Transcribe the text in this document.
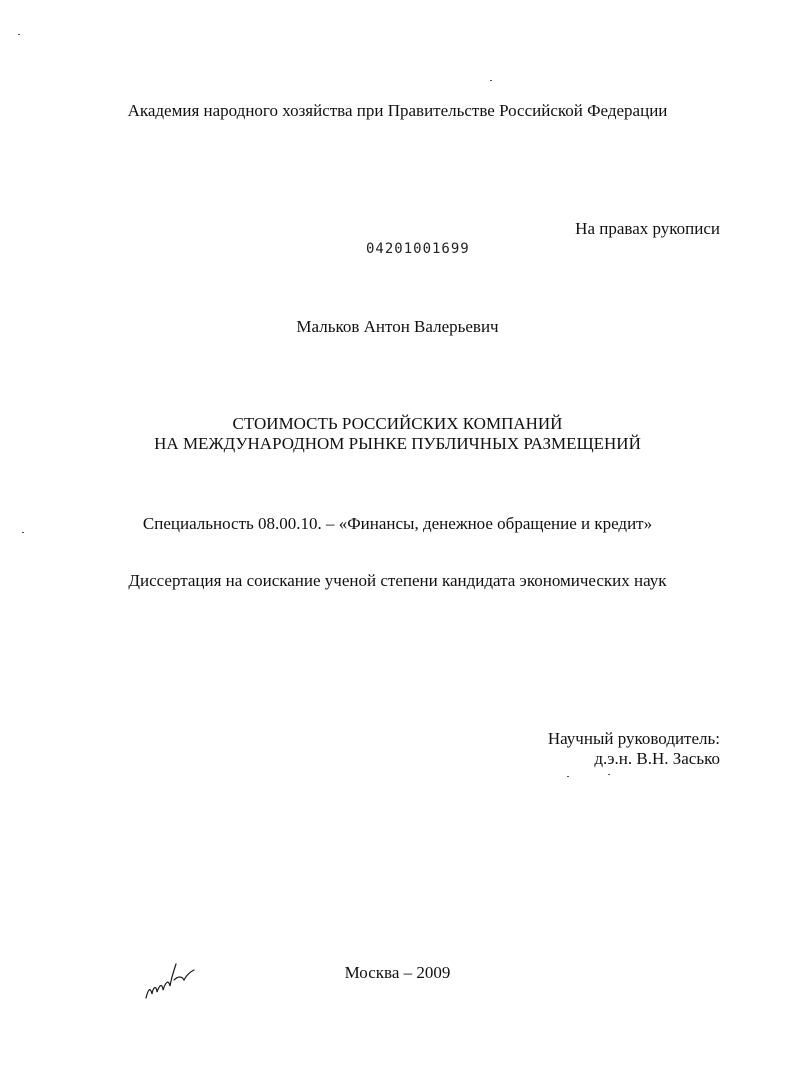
Академия народного хозяйства при Правительстве Российской Федерации
На правах рукописи
04201001699
Мальков Антон Валерьевич
СТОИМОСТЬ РОССИЙСКИХ КОМПАНИЙ
НА МЕЖДУНАРОДНОМ РЫНКЕ ПУБЛИЧНЫХ РАЗМЕЩЕНИЙ
Специальность 08.00.10. – «Финансы, денежное обращение и кредит»
Диссертация на соискание ученой степени кандидата экономических наук
Научный руководитель:
д.э.н. В.Н. Засько
Москва – 2009
